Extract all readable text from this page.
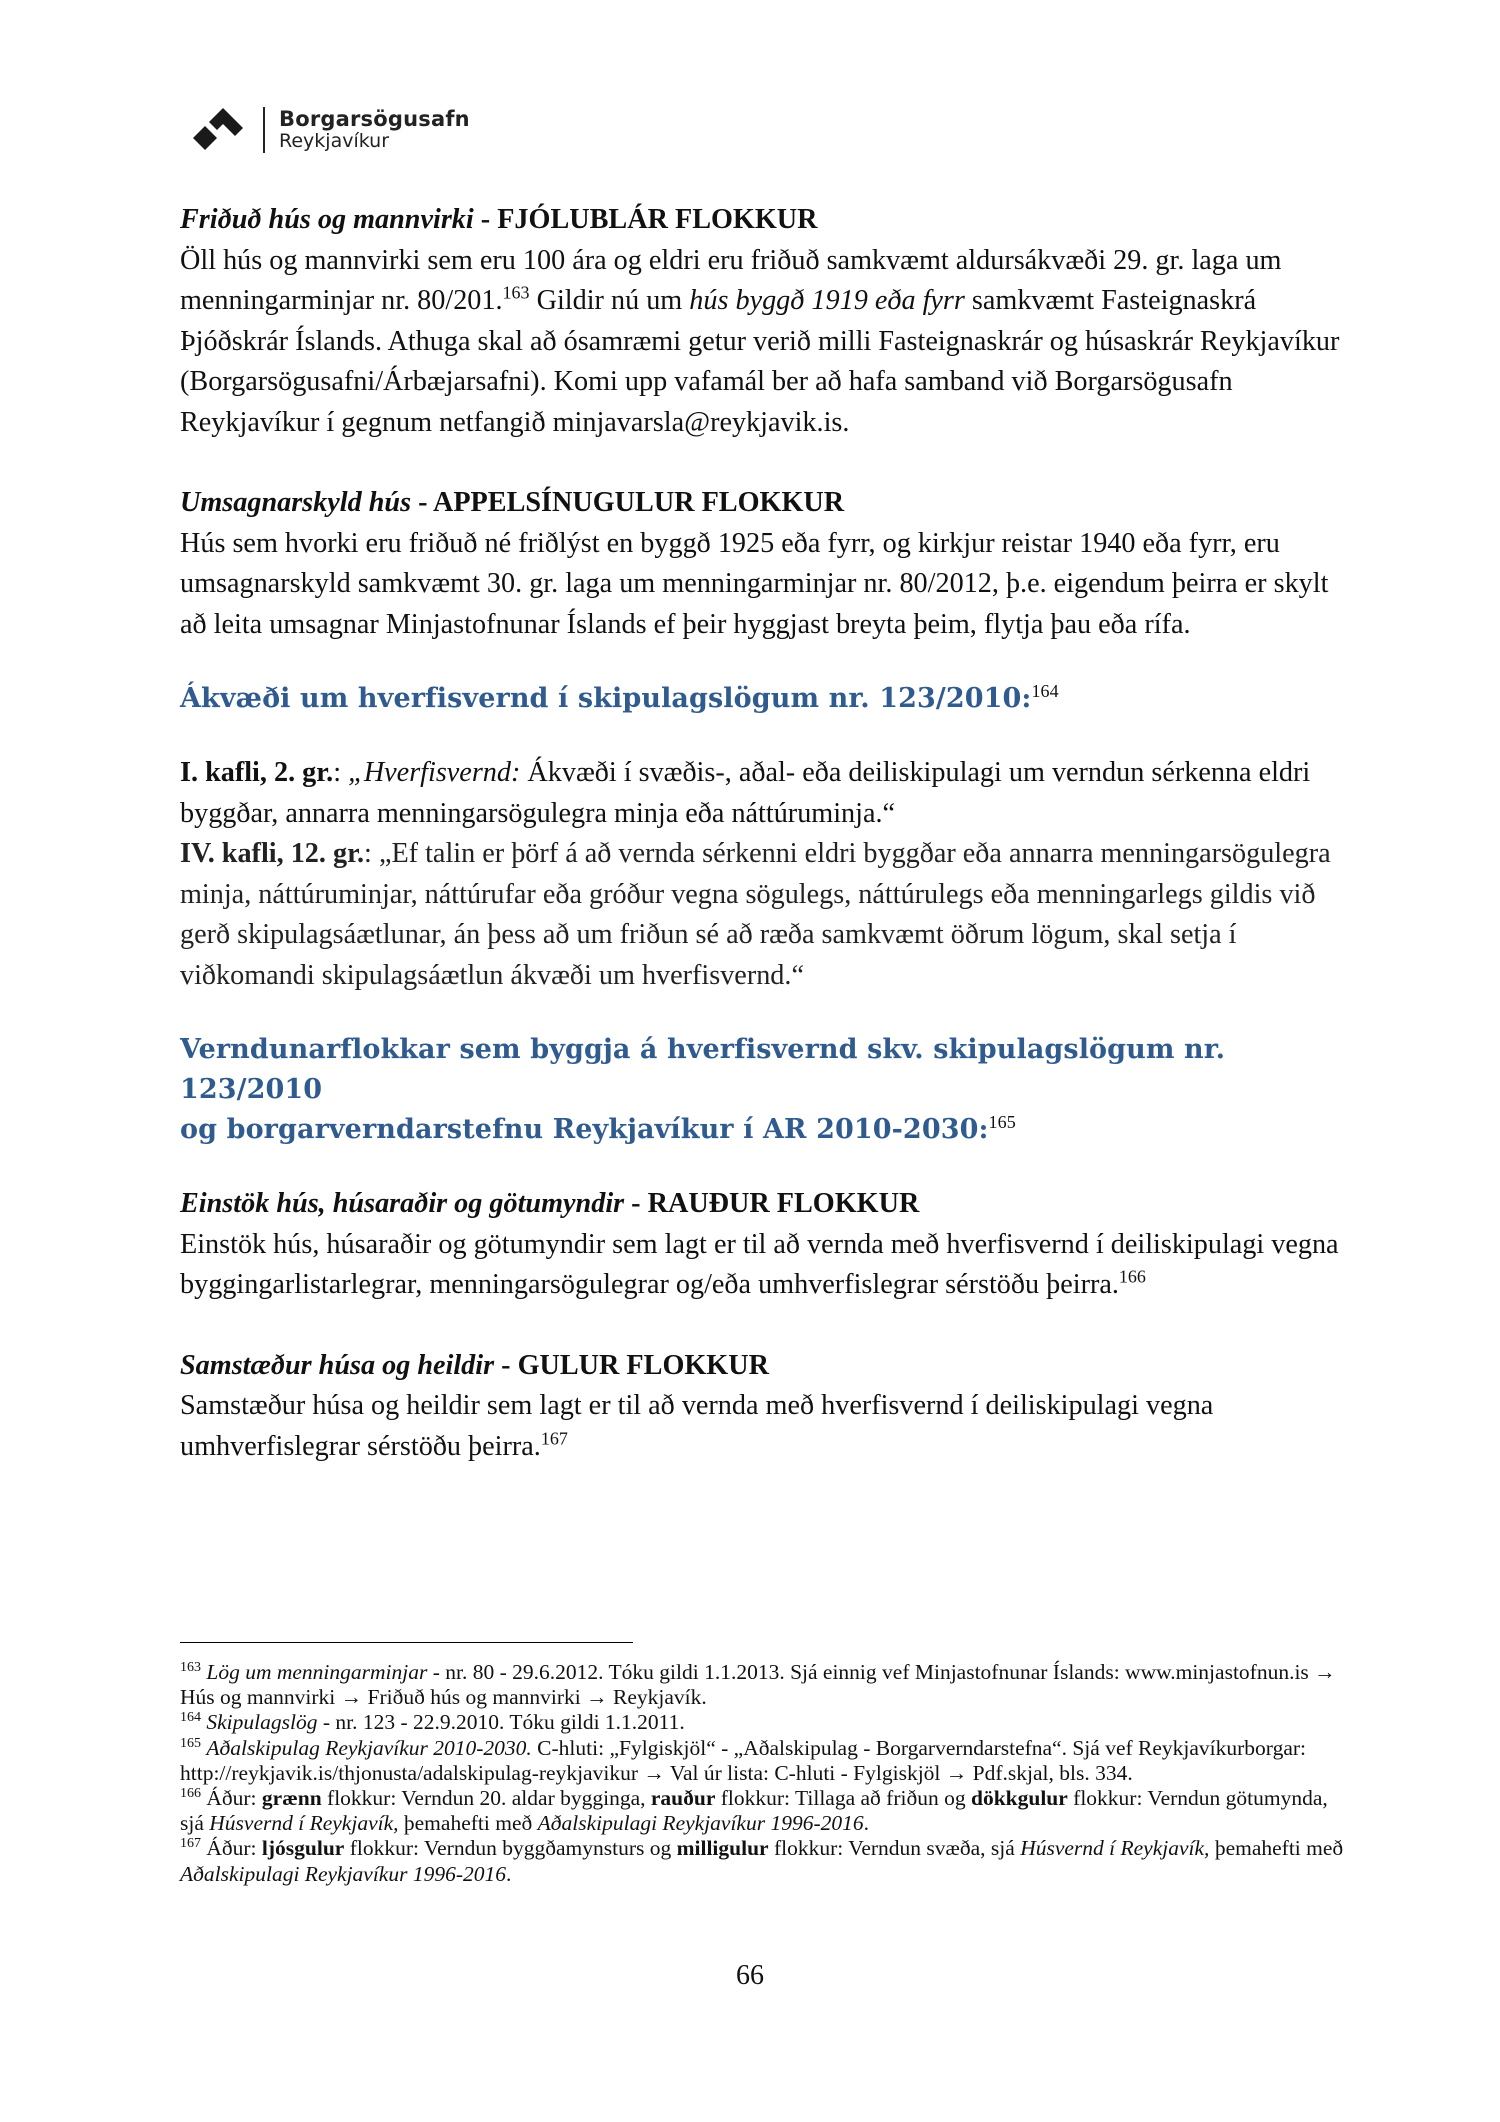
Borgarsögusafn
Reykjavíkur

Friðuð hús og mannvirki - FJÓLUBLÁR FLOKKUR

Öll hús og mannvirki sem eru 100 ára og eldri eru friðuð samkvæmt aldursákvæði 29. gr. laga um menningarminjar nr. 80/201.$^{163}$ Gildir nú um hús byggð 1919 eða fyrr samkvæmt Fasteignaskrá Þjóðskrár Íslands. Athuga skal að ósamræmi getur verið milli Fasteignaskrár og húsaskrár Reykjavíkur (Borgarsögusafni/Árbæjarsafni). Komi upp vafamál ber að hafa samband við Borgarsögusafn Reykjavíkur í gegnum netfangið minjavarsla@reykjavik.is.

Umsagnarskyld hús - APPELSÍNUGULUR FLOKKUR

Hús sem hvorki eru friðuð né friðlýst en byggð 1925 eða fyrr, og kirkjur reistar 1940 eða fyrr, eru umsagnarskyld samkvæmt 30. gr. laga um menningarminjar nr. 80/2012, þ.e. eigendum þeirra er skylt að leita umsagnar Minjastofnunar Íslands ef þeir hyggjast breyta þeim, flytja þau eða rífa.

Ákvæði um hverfisvernd í skipulagslögum nr. 123/2010:$^{164}$

I. kafli, 2. gr.: „Hverfisvernd: Ákvæði í svæðis-, aðal- eða deiliskipulagi um verndun sérkenna eldri byggðar, annarra menningarsögulegra minja eða náttúruminja.“

IV. kafli, 12. gr.: „Ef talin er þörf á að vernda sérkenni eldri byggðar eða annarra menningarsögulegra minja, náttúruminjar, náttúrufar eða gróður vegna sögulegs, náttúrulegs eða menningarlegs gildis við gerð skipulagsáætlunar, án þess að um friðun sé að ræða samkvæmt öðrum lögum, skal setja í viðkomandi skipulagsáætlun ákvæði um hverfisvernd.“

Verndunarflokkar sem byggja á hverfisvernd skv. skipulagslögum nr. 123/2010
og borgarverndarstefnu Reykjavíkur í AR 2010-2030:$^{165}$

Einstök hús, húsaraðir og götumyndir - RAUÐUR FLOKKUR

Einstök hús, húsaraðir og götumyndir sem lagt er til að vernda með hverfisvernd í deiliskipulagi vegna byggingarlistarlegrar, menningarsögulegrar og/eða umhverfislegrar sérstöðu þeirra.$^{166}$

Samstæður húsa og heildir - GULUR FLOKKUR

Samstæður húsa og heildir sem lagt er til að vernda með hverfisvernd í deiliskipulagi vegna umhverfislegrar sérstöðu þeirra.$^{167}$

$^{163}$ Lög um menningarminjar - nr. 80 - 29.6.2012. Tóku gildi 1.1.2013. Sjá einnig vef Minjastofnunar Íslands: www.minjastofnun.is → Hús og mannvirki → Friðuð hús og mannvirki → Reykjavík.

$^{164}$ Skipulagslög - nr. 123 - 22.9.2010. Tóku gildi 1.1.2011.

$^{165}$ Aðalskipulag Reykjavíkur 2010-2030. C-hluti: „Fylgiskjöl“ - „Aðalskipulag - Borgarverndarstefna“. Sjá vef Reykjavíkurborgar: http://reykjavik.is/thjonusta/adalskipulag-reykjavikur → Val úr lista: C-hluti - Fylgiskjöl → Pdf.skjal, bls. 334.

$^{166}$ Áður: grænn flokkur: Verndun 20. aldar bygginga, rauður flokkur: Tillaga að friðun og dökkgulur flokkur: Verndun götumynda, sjá Húsvernd í Reykjavík, þemahefti með Aðalskipulagi Reykjavíkur 1996-2016.

$^{167}$ Áður: ljósgulur flokkur: Verndun byggðamynsturs og milligulur flokkur: Verndun svæða, sjá Húsvernd í Reykjavík, þemahefti með Aðalskipulagi Reykjavíkur 1996-2016.

66
